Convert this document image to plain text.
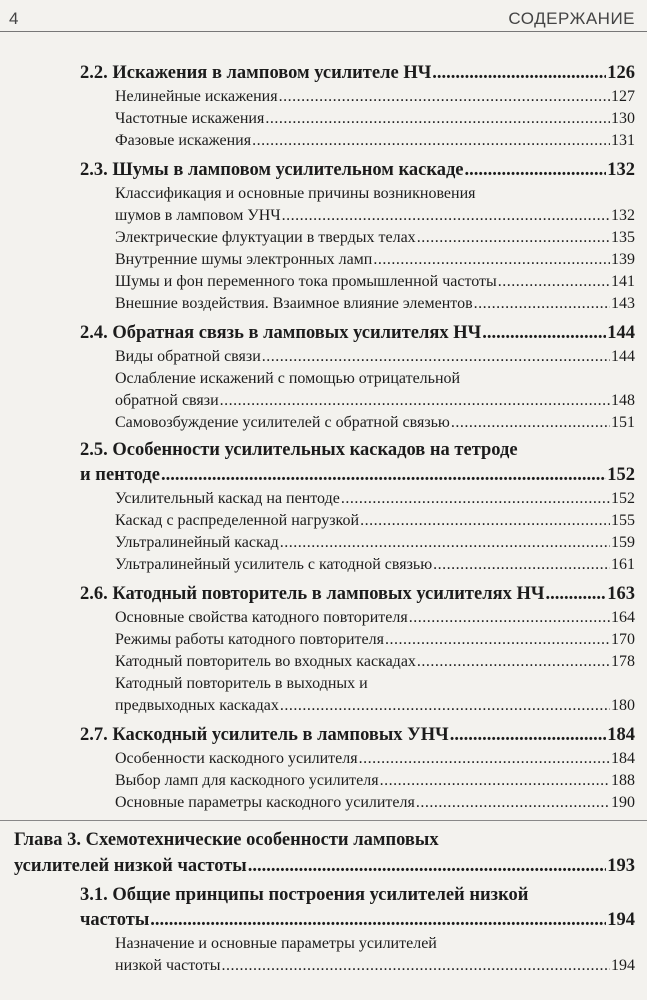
4	СОДЕРЖАНИЕ
2.2. Искажения в ламповом усилителе НЧ .....	126
Нелинейные искажения .....	127
Частотные искажения .....	130
Фазовые искажения .....	131
2.3. Шумы в ламповом усилительном каскаде .....	132
Классификация и основные причины возникновения
шумов в ламповом УНЧ .....	132
Электрические флуктуации в твердых телах .....	135
Внутренние шумы электронных ламп .....	139
Шумы и фон переменного тока промышленной частоты .....	141
Внешние воздействия. Взаимное влияние элементов .....	143
2.4. Обратная связь в ламповых усилителях НЧ .....	144
Виды обратной связи .....	144
Ослабление искажений с помощью отрицательной
обратной связи .....	148
Самовозбуждение усилителей с обратной связью .....	151
2.5. Особенности усилительных каскадов на тетроде
и пентоде .....	152
Усилительный каскад на пентоде .....	152
Каскад с распределенной нагрузкой .....	155
Ультралинейный каскад .....	159
Ультралинейный усилитель с катодной связью .....	161
2.6. Катодный повторитель в ламповых усилителях НЧ .....	163
Основные свойства катодного повторителя .....	164
Режимы работы катодного повторителя .....	170
Катодный повторитель во входных каскадах .....	178
Катодный повторитель в выходных и
предвыходных каскадах .....	180
2.7. Каскодный усилитель в ламповых УНЧ .....	184
Особенности каскодного усилителя .....	184
Выбор ламп для каскодного усилителя .....	188
Основные параметры каскодного усилителя .....	190
Глава 3. Схемотехнические особенности ламповых
усилителей низкой частоты .....	193
3.1. Общие принципы построения усилителей низкой
частоты .....	194
Назначение и основные параметры усилителей
низкой частоты .....	194
